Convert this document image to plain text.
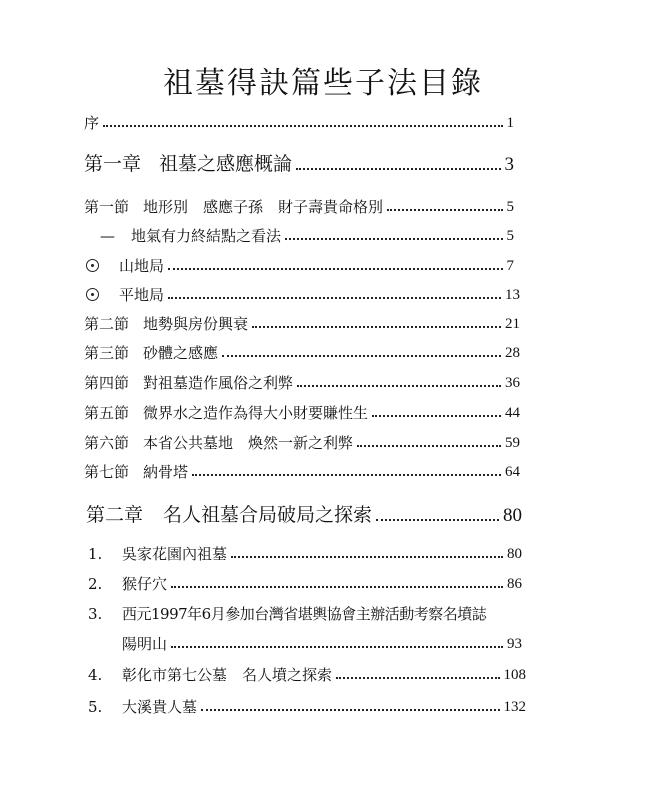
祖墓得訣篇些子法目錄
序	1
第一章 祖墓之感應概論	3
第一節 地形別　感應子孫　財子壽貴命格別	5
— 地氣有力終結點之看法	5
山地局	7
平地局	13
第二節 地勢與房份興衰	21
第三節 砂體之感應	28
第四節 對祖墓造作風俗之利弊	36
第五節 微界水之造作為得大小財要賺性生	44
第六節 本省公共墓地　煥然一新之利弊	59
第七節 納骨塔	64
第二章 名人祖墓合局破局之探索	80
1. 吳家花園內祖墓	80
2. 猴仔穴	86
3. 西元1997年6月參加台灣省堪輿協會主辦活動考察名墳誌
陽明山	93
4. 彰化市第七公墓　名人墳之探索	108
5. 大溪貴人墓	132
